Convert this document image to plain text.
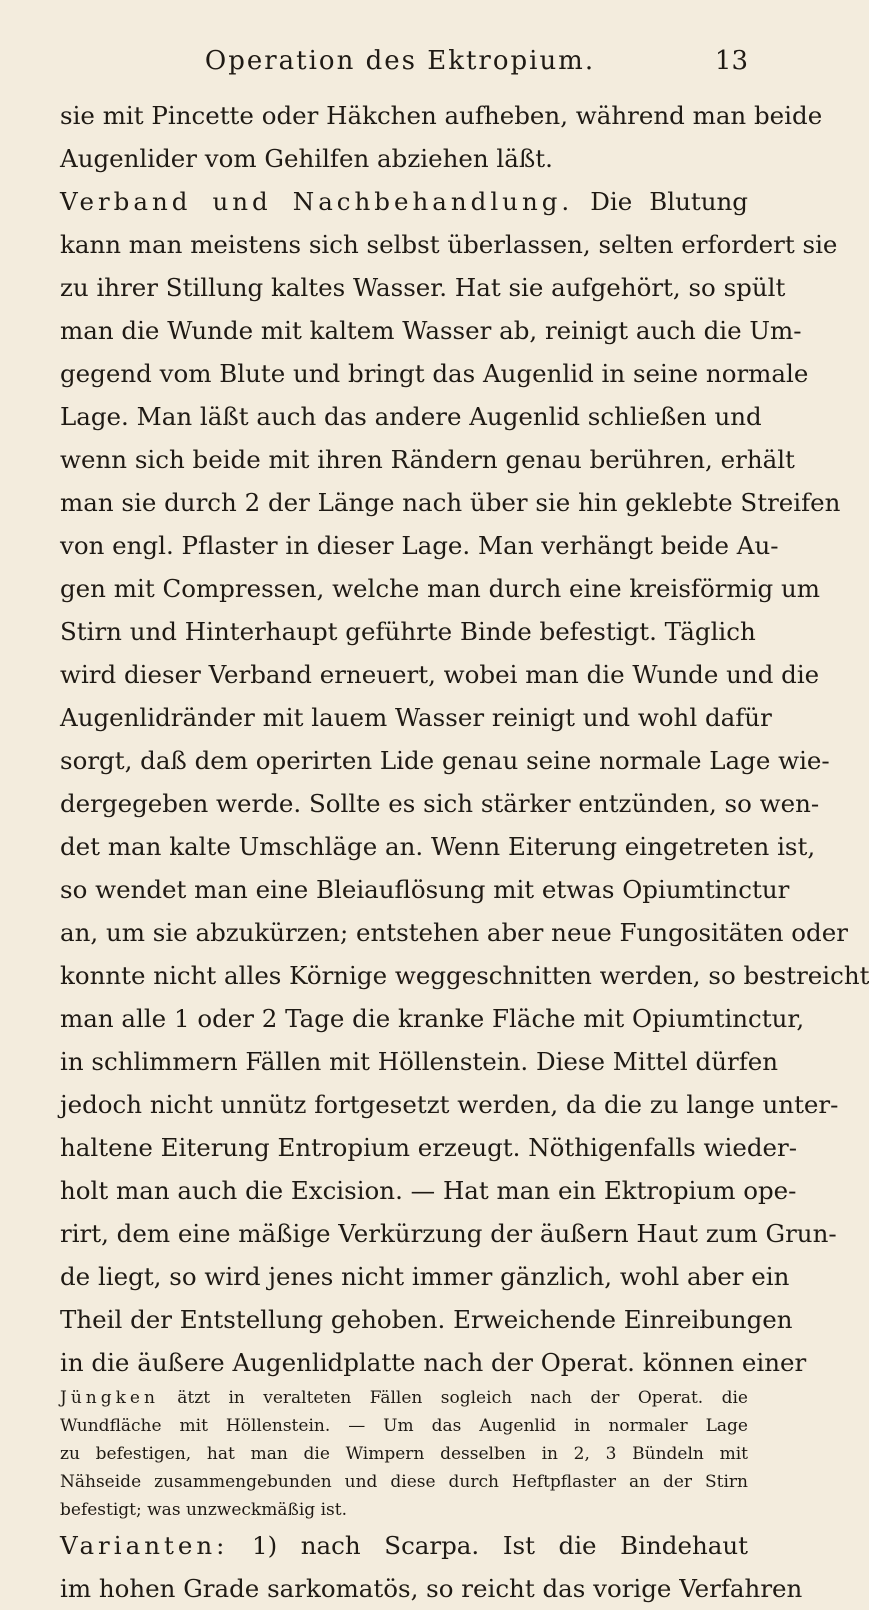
Operation des Ektropium.	13
sie mit Pincette oder Häkchen aufheben, während man beide
Augenlider vom Gehilfen abziehen läßt.
Verband und Nachbehandlung. Die Blutung
kann man meistens sich selbst überlassen, selten erfordert sie
zu ihrer Stillung kaltes Wasser. Hat sie aufgehört, so spült
man die Wunde mit kaltem Wasser ab, reinigt auch die Um-
gegend vom Blute und bringt das Augenlid in seine normale
Lage. Man läßt auch das andere Augenlid schließen und
wenn sich beide mit ihren Rändern genau berühren, erhält
man sie durch 2 der Länge nach über sie hin geklebte Streifen
von engl. Pflaster in dieser Lage. Man verhängt beide Au-
gen mit Compressen, welche man durch eine kreisförmig um
Stirn und Hinterhaupt geführte Binde befestigt. Täglich
wird dieser Verband erneuert, wobei man die Wunde und die
Augenlidränder mit lauem Wasser reinigt und wohl dafür
sorgt, daß dem operirten Lide genau seine normale Lage wie-
dergegeben werde. Sollte es sich stärker entzünden, so wen-
det man kalte Umschläge an. Wenn Eiterung eingetreten ist,
so wendet man eine Bleiauflösung mit etwas Opiumtinctur
an, um sie abzukürzen; entstehen aber neue Fungositäten oder
konnte nicht alles Körnige weggeschnitten werden, so bestreicht
man alle 1 oder 2 Tage die kranke Fläche mit Opiumtinctur,
in schlimmern Fällen mit Höllenstein. Diese Mittel dürfen
jedoch nicht unnütz fortgesetzt werden, da die zu lange unter-
haltene Eiterung Entropium erzeugt. Nöthigenfalls wieder-
holt man auch die Excision. — Hat man ein Ektropium ope-
rirt, dem eine mäßige Verkürzung der äußern Haut zum Grun-
de liegt, so wird jenes nicht immer gänzlich, wohl aber ein
Theil der Entstellung gehoben. Erweichende Einreibungen
in die äußere Augenlidplatte nach der Operat. können einer
Jüngken ätzt in veralteten Fällen sogleich nach der Operat. die
Wundfläche mit Höllenstein. — Um das Augenlid in normaler Lage
zu befestigen, hat man die Wimpern desselben in 2, 3 Bündeln mit
Nähseide zusammengebunden und diese durch Heftpflaster an der Stirn
befestigt; was unzweckmäßig ist.
Varianten: 1) nach Scarpa. Ist die Bindehaut
im hohen Grade sarkomatös, so reicht das vorige Verfahren
